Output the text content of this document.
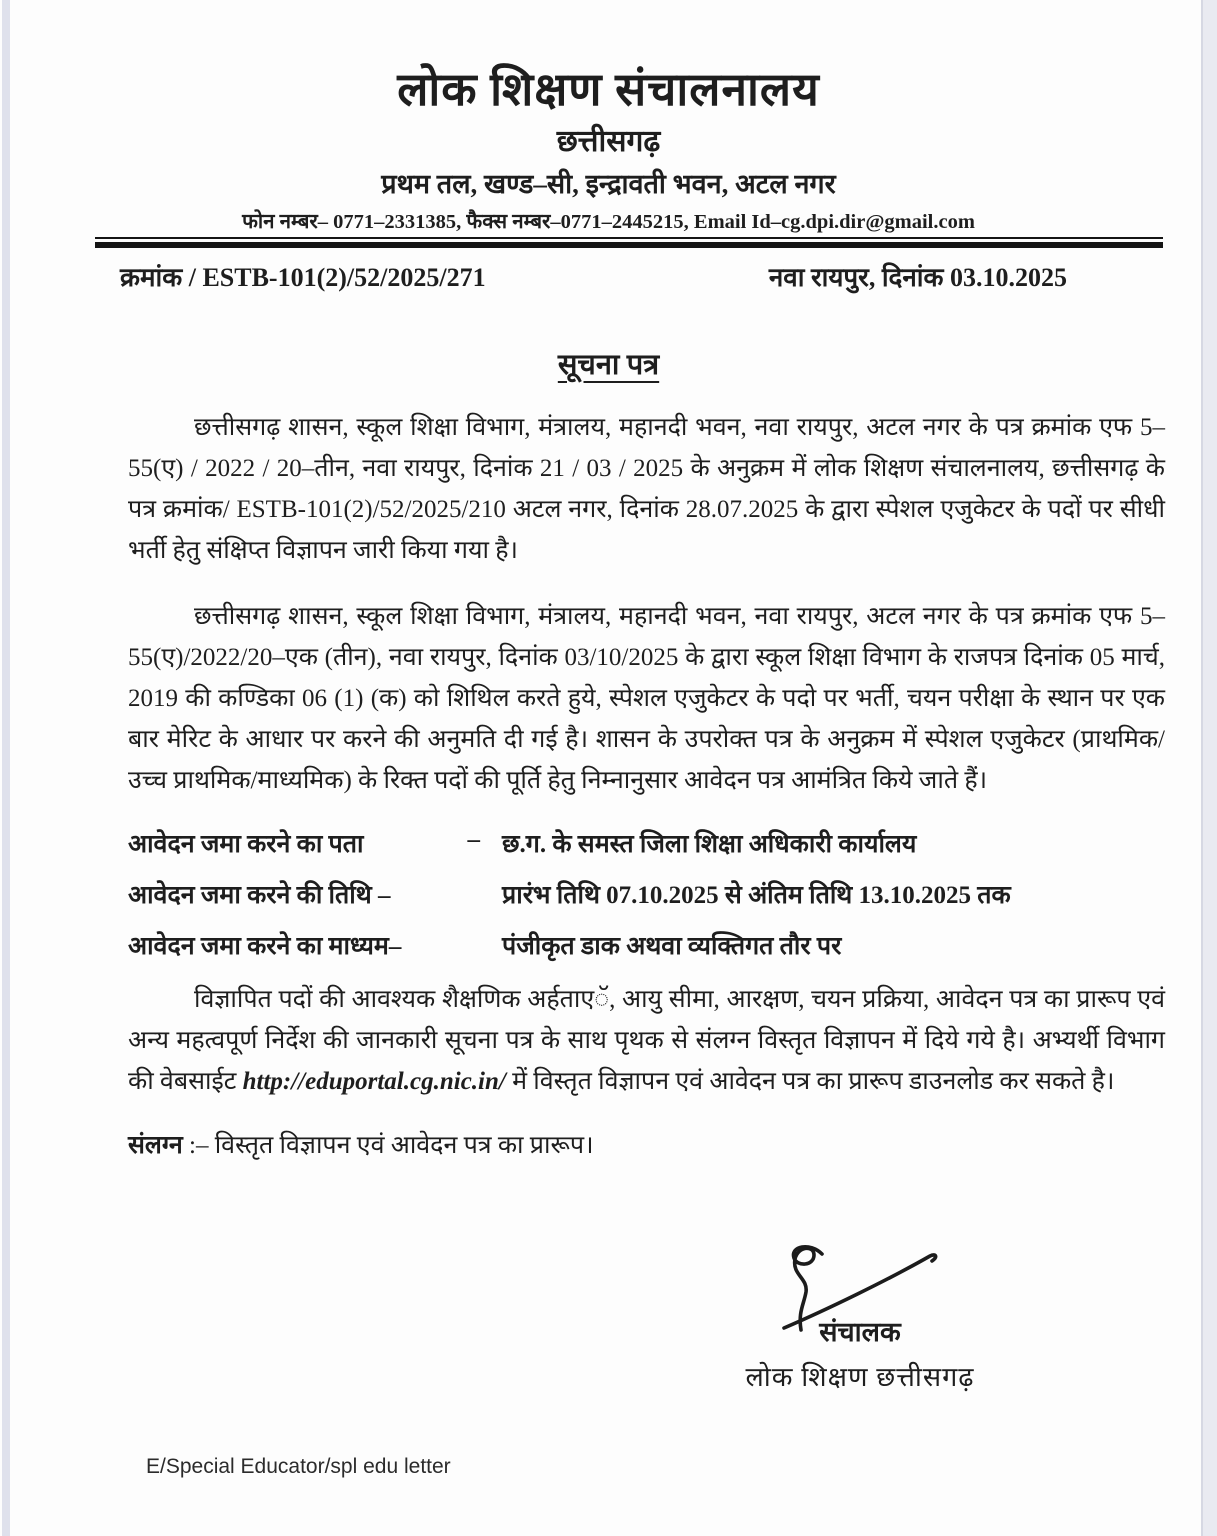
लोक शिक्षण संचालनालय
छत्तीसगढ़
प्रथम तल, खण्ड–सी, इन्द्रावती भवन, अटल नगर
फोन नम्बर– 0771–2331385, फैक्स नम्बर–0771–2445215, Email Id–cg.dpi.dir@gmail.com
क्रमांक / ESTB-101(2)/52/2025/271	नवा रायपुर, दिनांक 03.10.2025
सूचना पत्र

छत्तीसगढ़ शासन, स्कूल शिक्षा विभाग, मंत्रालय, महानदी भवन, नवा रायपुर, अटल नगर के पत्र क्रमांक एफ 5–55(ए) / 2022 / 20–तीन, नवा रायपुर, दिनांक 21 / 03 / 2025 के अनुक्रम में लोक शिक्षण संचालनालय, छत्तीसगढ़ के पत्र क्रमांक/ ESTB-101(2)/52/2025/210 अटल नगर, दिनांक 28.07.2025 के द्वारा स्पेशल एजुकेटर के पदों पर सीधी भर्ती हेतु संक्षिप्त विज्ञापन जारी किया गया है।

छत्तीसगढ़ शासन, स्कूल शिक्षा विभाग, मंत्रालय, महानदी भवन, नवा रायपुर, अटल नगर के पत्र क्रमांक एफ 5–55(ए)/2022/20–एक (तीन), नवा रायपुर, दिनांक 03/10/2025 के द्वारा स्कूल शिक्षा विभाग के राजपत्र दिनांक 05 मार्च, 2019 की कण्डिका 06 (1) (क) को शिथिल करते हुये, स्पेशल एजुकेटर के पदो पर भर्ती, चयन परीक्षा के स्थान पर एक बार मेरिट के आधार पर करने की अनुमति दी गई है। शासन के उपरोक्त पत्र के अनुक्रम में स्पेशल एजुकेटर (प्राथमिक/उच्च प्राथमिक/माध्यमिक) के रिक्त पदों की पूर्ति हेतु निम्नानुसार आवेदन पत्र आमंत्रित किये जाते हैं।

आवेदन जमा करने का पता	– छ.ग. के समस्त जिला शिक्षा अधिकारी कार्यालय
आवेदन जमा करने की तिथि –	प्रारंभ तिथि 07.10.2025 से अंतिम तिथि 13.10.2025 तक
आवेदन जमा करने का माध्यम–	पंजीकृत डाक अथवा व्यक्तिगत तौर पर

विज्ञापित पदों की आवश्यक शैक्षणिक अर्हताएॅ, आयु सीमा, आरक्षण, चयन प्रक्रिया, आवेदन पत्र का प्रारूप एवं अन्य महत्वपूर्ण निर्देश की जानकारी सूचना पत्र के साथ पृथक से संलग्न विस्तृत विज्ञापन में दिये गये है। अभ्यर्थी विभाग की वेबसाईट http://eduportal.cg.nic.in/ में विस्तृत विज्ञापन एवं आवेदन पत्र का प्रारूप डाउनलोड कर सकते है।

संलग्न :– विस्तृत विज्ञापन एवं आवेदन पत्र का प्रारूप।
संचालक
लोक शिक्षण छत्तीसगढ़
E/Special Educator/spl edu letter
